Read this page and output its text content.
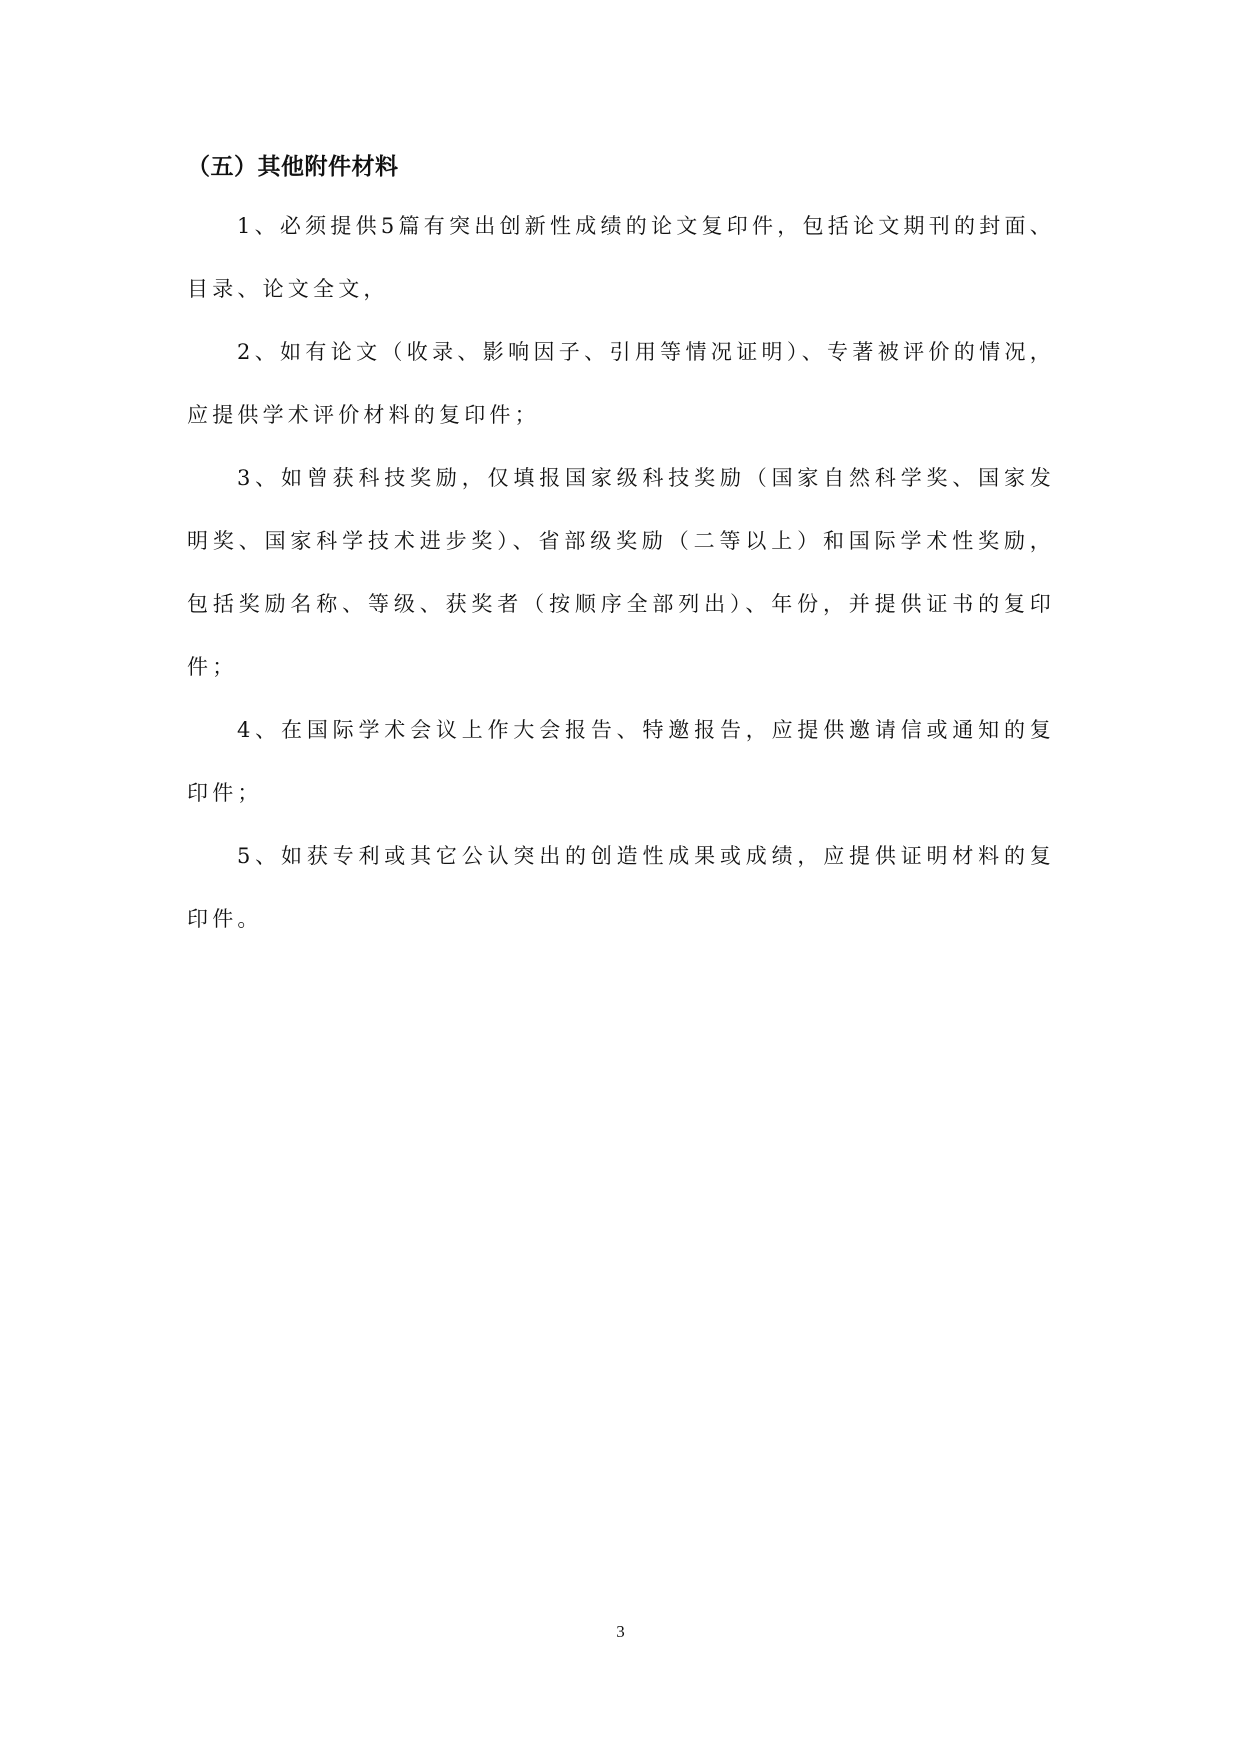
（五）其他附件材料

1、必须提供5篇有突出创新性成绩的论文复印件，包括论文期刊的封面、目录、论文全文，

2、如有论文（收录、影响因子、引用等情况证明）、专著被评价的情况，应提供学术评价材料的复印件；

3、如曾获科技奖励，仅填报国家级科技奖励（国家自然科学奖、国家发明奖、国家科学技术进步奖）、省部级奖励（二等以上）和国际学术性奖励，包括奖励名称、等级、获奖者（按顺序全部列出）、年份，并提供证书的复印件；

4、在国际学术会议上作大会报告、特邀报告，应提供邀请信或通知的复印件；

5、如获专利或其它公认突出的创造性成果或成绩，应提供证明材料的复印件。

3
